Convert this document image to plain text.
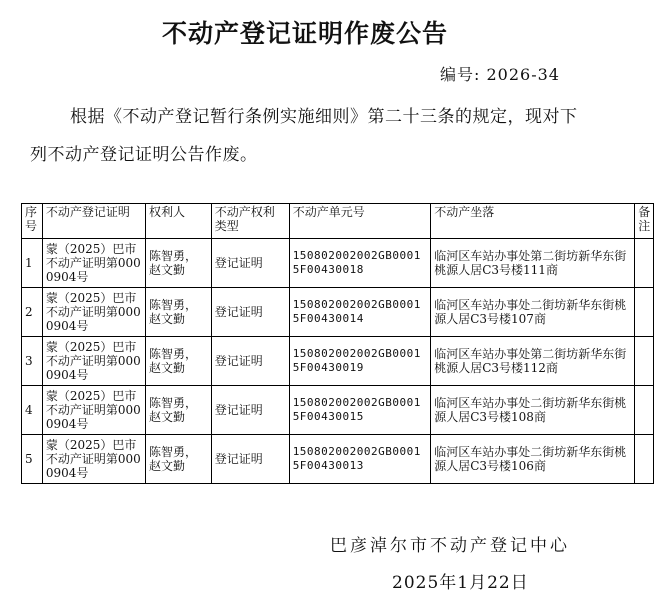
不动产登记证明作废公告
编号: 2026-34
根据《不动产登记暂行条例实施细则》第二十三条的规定，现对下列不动产登记证明公告作废。
序号	不动产登记证明	权利人	不动产权利类型	不动产单元号	不动产坐落	备注
1	蒙（2025）巴市不动产证明第0000904号	陈智勇，赵文勤	登记证明	150802002002GB0001 5F00430018	临河区车站办事处第二街坊新华东街桃源人居C3号楼111商	
2	蒙（2025）巴市不动产证明第0000904号	陈智勇，赵文勤	登记证明	150802002002GB0001 5F00430014	临河区车站办事处二街坊新华东街桃源人居C3号楼107商	
3	蒙（2025）巴市不动产证明第0000904号	陈智勇，赵文勤	登记证明	150802002002GB0001 5F00430019	临河区车站办事处第二街坊新华东街桃源人居C3号楼112商	
4	蒙（2025）巴市不动产证明第0000904号	陈智勇，赵文勤	登记证明	150802002002GB0001 5F00430015	临河区车站办事处二街坊新华东街桃源人居C3号楼108商	
5	蒙（2025）巴市不动产证明第0000904号	陈智勇，赵文勤	登记证明	150802002002GB0001 5F00430013	临河区车站办事处二街坊新华东街桃源人居C3号楼106商	
巴彦淖尔市不动产登记中心
2025年1月22日
